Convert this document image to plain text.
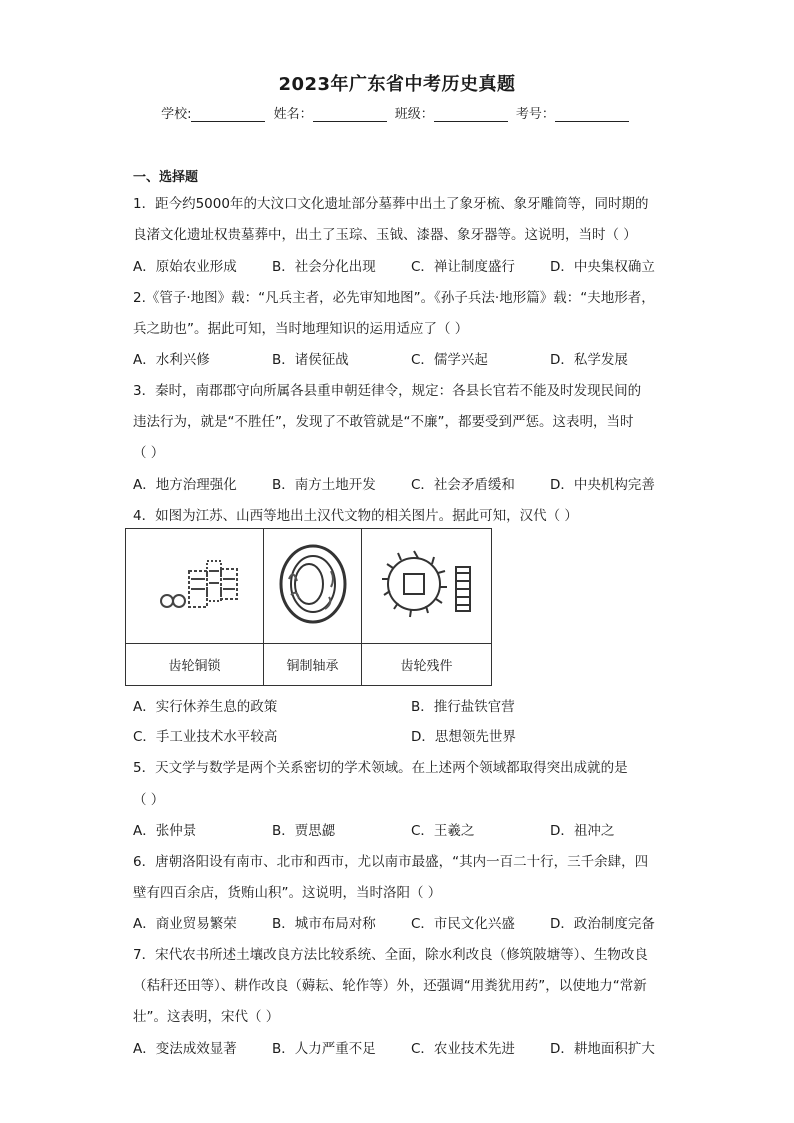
2023年广东省中考历史真题
学校:	姓名：	班级：	考号：
一、选择题
1．距今约5000年的大汶口文化遗址部分墓葬中出土了象牙梳、象牙雕筒等，同时期的
良渚文化遗址权贵墓葬中，出土了玉琮、玉钺、漆器、象牙器等。这说明，当时（ ）
A．原始农业形成	B．社会分化出现	C．禅让制度盛行	D．中央集权确立
2.《管子·地图》载：“凡兵主者，必先审知地图”。《孙子兵法·地形篇》载：“夫地形者，
兵之助也”。据此可知，当时地理知识的运用适应了（ ）
A．水利兴修	B．诸侯征战	C．儒学兴起	D．私学发展
3．秦时，南郡郡守向所属各县重申朝廷律令，规定：各县长官若不能及时发现民间的
违法行为，就是“不胜任”，发现了不敢管就是“不廉”，都要受到严惩。这表明，当时
（ ）
A．地方治理强化	B．南方土地开发	C．社会矛盾缓和	D．中央机构完善
4．如图为江苏、山西等地出土汉代文物的相关图片。据此可知，汉代（ ）

齿轮铜锁	铜制轴承	齿轮残件
A．实行休养生息的政策	B．推行盐铁官营
C．手工业技术水平较高	D．思想领先世界
5．天文学与数学是两个关系密切的学术领域。在上述两个领域都取得突出成就的是
（ ）
A．张仲景	B．贾思勰	C．王羲之	D．祖冲之
6．唐朝洛阳设有南市、北市和西市，尤以南市最盛，“其内一百二十行，三千余肆，四
壁有四百余店，货贿山积”。这说明，当时洛阳（ ）
A．商业贸易繁荣	B．城市布局对称	C．市民文化兴盛	D．政治制度完备
7．宋代农书所述土壤改良方法比较系统、全面，除水利改良（修筑陂塘等）、生物改良
（秸秆还田等）、耕作改良（薅耘、轮作等）外，还强调“用粪犹用药”，以使地力“常新
壮”。这表明，宋代（ ）
A．变法成效显著	B．人力严重不足	C．农业技术先进	D．耕地面积扩大
